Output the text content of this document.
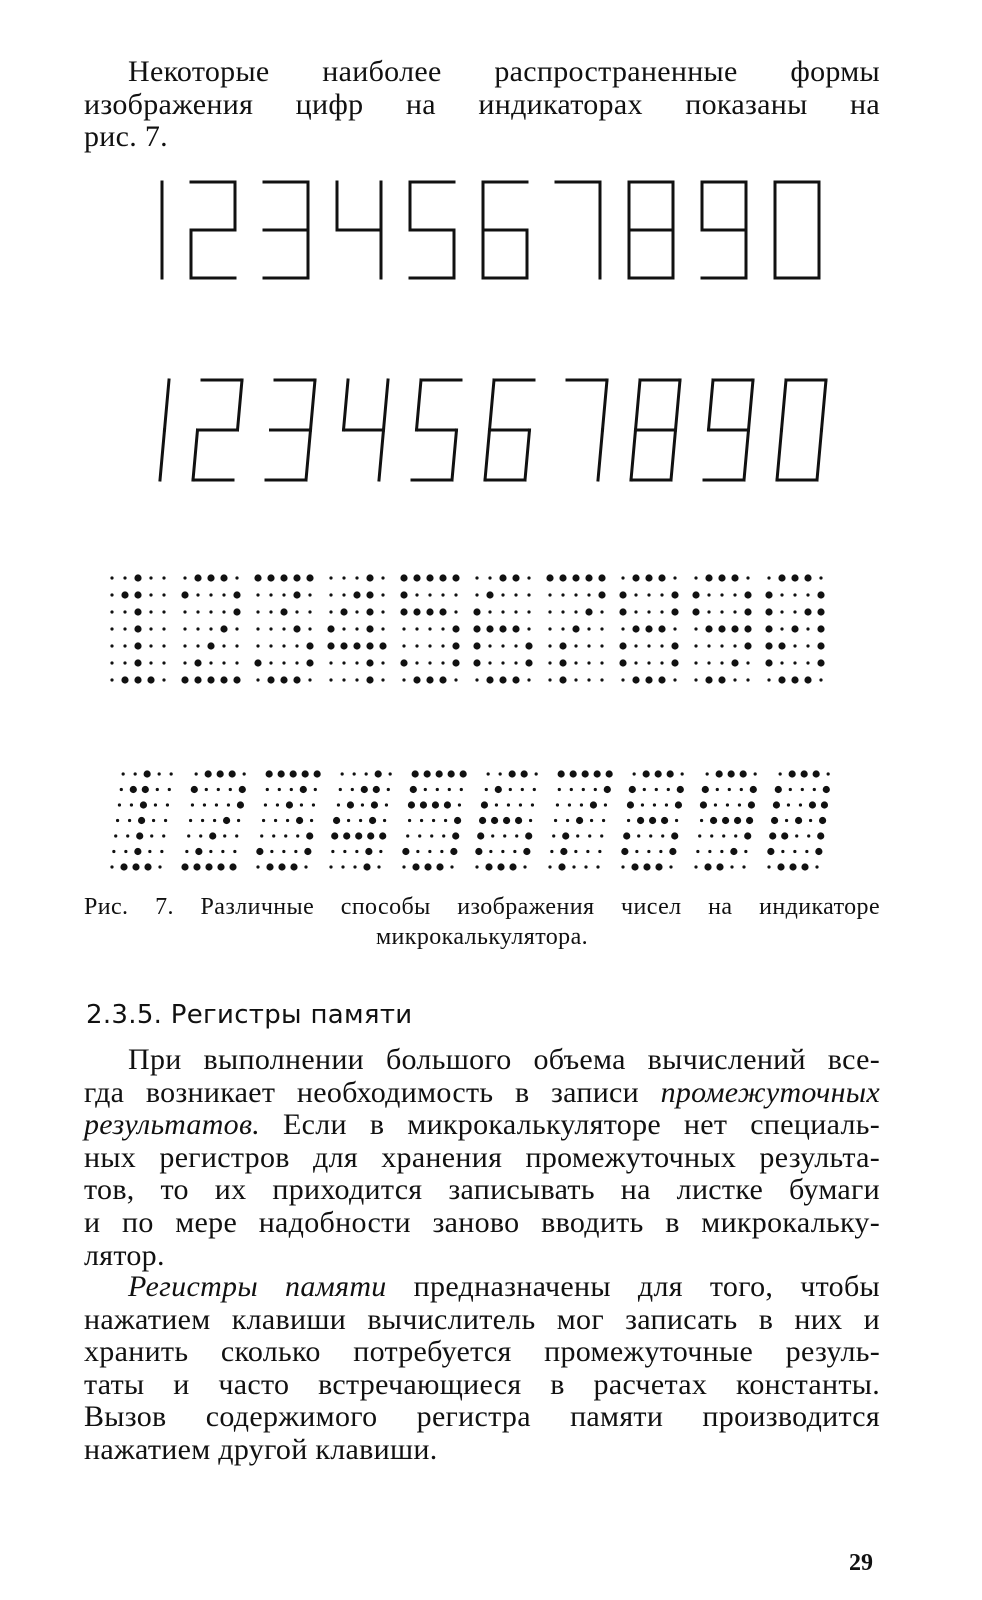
Некоторые наиболее распространенные формы
изображения цифр на индикаторах показаны на
рис. 7.
Рис. 7. Различные способы изображения чисел на индикаторе
микрокалькулятора.
2.3.5. Регистры памяти
При выполнении большого объема вычислений все-
гда возникает необходимость в записи промежуточных
результатов. Если в микрокалькуляторе нет специаль-
ных регистров для хранения промежуточных результа-
тов, то их приходится записывать на листке бумаги
и по мере надобности заново вводить в микрокальку-
лятор.
Регистры памяти предназначены для того, чтобы
нажатием клавиши вычислитель мог записать в них и
хранить сколько потребуется промежуточные резуль-
таты и часто встречающиеся в расчетах константы.
Вызов содержимого регистра памяти производится
нажатием другой клавиши.
29
